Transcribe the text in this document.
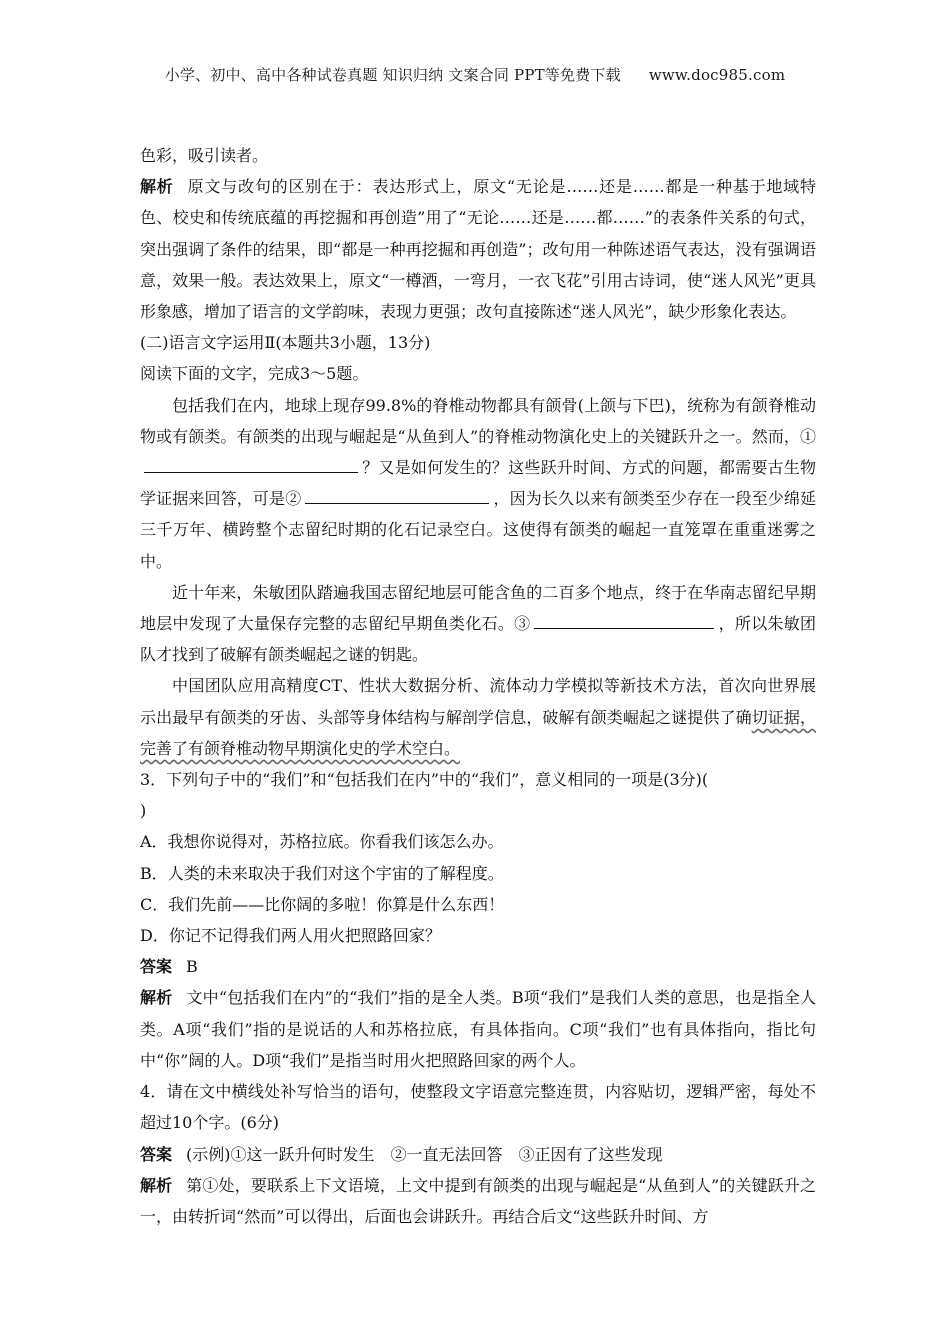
小学、初中、高中各种试卷真题 知识归纳 文案合同 PPT等免费下载 www.doc985.com

色彩，吸引读者。

解析 原文与改句的区别在于：表达形式上，原文“无论是……还是……都是一种基于地域特色、校史和传统底蕴的再挖掘和再创造”用了“无论……还是……都……”的表条件关系的句式，突出强调了条件的结果，即“都是一种再挖掘和再创造”；改句用一种陈述语气表达，没有强调语意，效果一般。表达效果上，原文“一樽酒，一弯月，一衣飞花”引用古诗词，使“迷人风光”更具形象感，增加了语言的文学韵味，表现力更强；改句直接陈述“迷人风光”，缺少形象化表达。

(二)语言文字运用Ⅱ(本题共3小题，13分)

阅读下面的文字，完成3～5题。

包括我们在内，地球上现存99.8%的脊椎动物都具有颌骨(上颌与下巴)，统称为有颌脊椎动物或有颌类。有颌类的出现与崛起是“从鱼到人”的脊椎动物演化史上的关键跃升之一。然而，①？又是如何发生的？这些跃升时间、方式的问题，都需要古生物学证据来回答，可是②	，因为长久以来有颌类至少存在一段至少绵延三千万年、横跨整个志留纪时期的化石记录空白。这使得有颌类的崛起一直笼罩在重重迷雾之中。

近十年来，朱敏团队踏遍我国志留纪地层可能含鱼的二百多个地点，终于在华南志留纪早期地层中发现了大量保存完整的志留纪早期鱼类化石。③	，所以朱敏团队才找到了破解有颌类崛起之谜的钥匙。

中国团队应用高精度CT、性状大数据分析、流体动力学模拟等新技术方法，首次向世界展示出最早有颌类的牙齿、头部等身体结构与解剖学信息，破解有颌类崛起之谜提供了确切证据，完善了有颌脊椎动物早期演化史的学术空白。

3．下列句子中的“我们”和“包括我们在内”中的“我们”，意义相同的一项是(3分)(

)

A．我想你说得对，苏格拉底。你看我们该怎么办。

B．人类的未来取决于我们对这个宇宙的了解程度。

C．我们先前——比你阔的多啦！你算是什么东西！

D．你记不记得我们两人用火把照路回家？

答案 B

解析 文中“包括我们在内”的“我们”指的是全人类。B项“我们”是我们人类的意思，也是指全人类。A项“我们”指的是说话的人和苏格拉底，有具体指向。C项“我们”也有具体指向，指比句中“你”阔的人。D项“我们”是指当时用火把照路回家的两个人。

4．请在文中横线处补写恰当的语句，使整段文字语意完整连贯，内容贴切，逻辑严密，每处不超过10个字。(6分)

答案 (示例)①这一跃升何时发生　②一直无法回答　③正因有了这些发现

解析 第①处，要联系上下文语境，上文中提到有颌类的出现与崛起是“从鱼到人”的关键跃升之一，由转折词“然而”可以得出，后面也会讲跃升。再结合后文“这些跃升时间、方
